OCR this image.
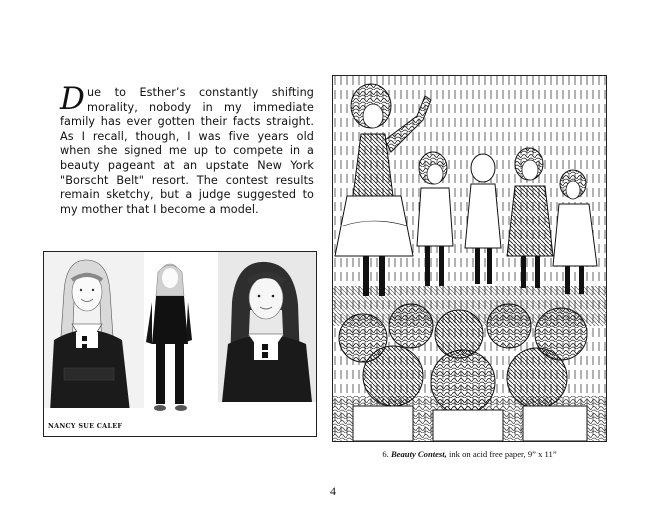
Due to Esther’s constantly shifting morality, nobody in my immediate family has ever gotten their facts straight. As I recall, though, I was five years old when she signed me up to compete in a beauty pageant at an upstate New York "Borscht Belt" resort. The contest results remain sketchy, but a judge suggested to my mother that I become a model.
NANCY SUE CALEF
6. Beauty Contest, ink on acid free paper, 9” x 11”
4
